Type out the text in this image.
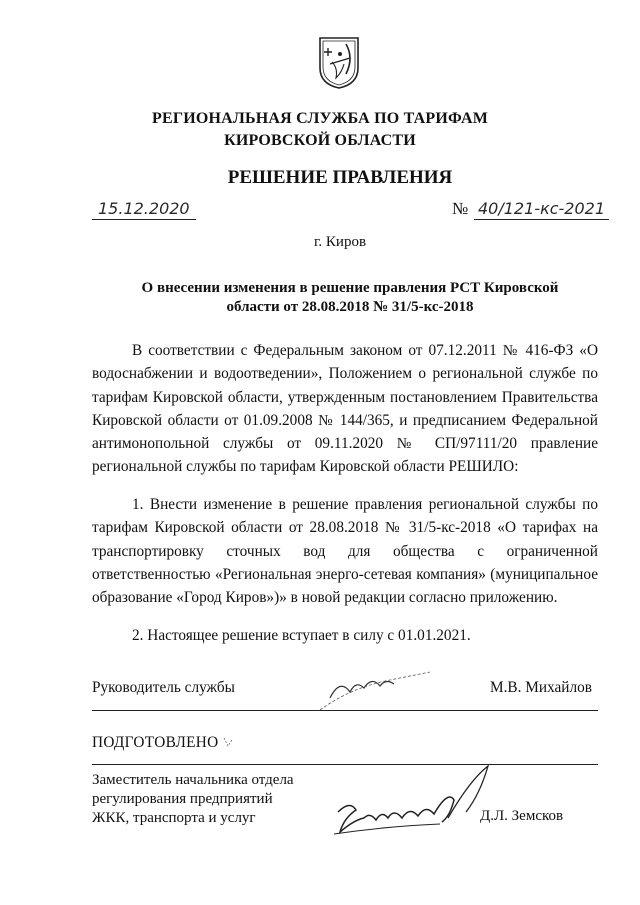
РЕГИОНАЛЬНАЯ СЛУЖБА ПО ТАРИФАМ
КИРОВСКОЙ ОБЛАСТИ
РЕШЕНИЕ ПРАВЛЕНИЯ
15.12.2020	№ 40/121-кс-2021
г. Киров
О внесении изменения в решение правления РСТ Кировской
области от 28.08.2018 № 31/5-кс-2018
В соответствии с Федеральным законом от 07.12.2011 № 416-ФЗ «О водоснабжении и водоотведении», Положением о региональной службе по тарифам Кировской области, утвержденным постановлением Правительства Кировской области от 01.09.2008 № 144/365, и предписанием Федеральной антимонопольной службы от 09.11.2020 № СП/97111/20 правление региональной службы по тарифам Кировской области РЕШИЛО:
1. Внести изменение в решение правления региональной службы по тарифам Кировской области от 28.08.2018 № 31/5-кс-2018 «О тарифах на транспортировку сточных вод для общества с ограниченной ответственностью «Региональная энерго-сетевая компания» (муниципальное образование «Город Киров»)» в новой редакции согласно приложению.
2. Настоящее решение вступает в силу с 01.01.2021.
Руководитель службы	М.В. Михайлов
ПОДГОТОВЛЕНО
Заместитель начальника отдела
регулирования предприятий
ЖКК, транспорта и услуг	Д.Л. Земсков
